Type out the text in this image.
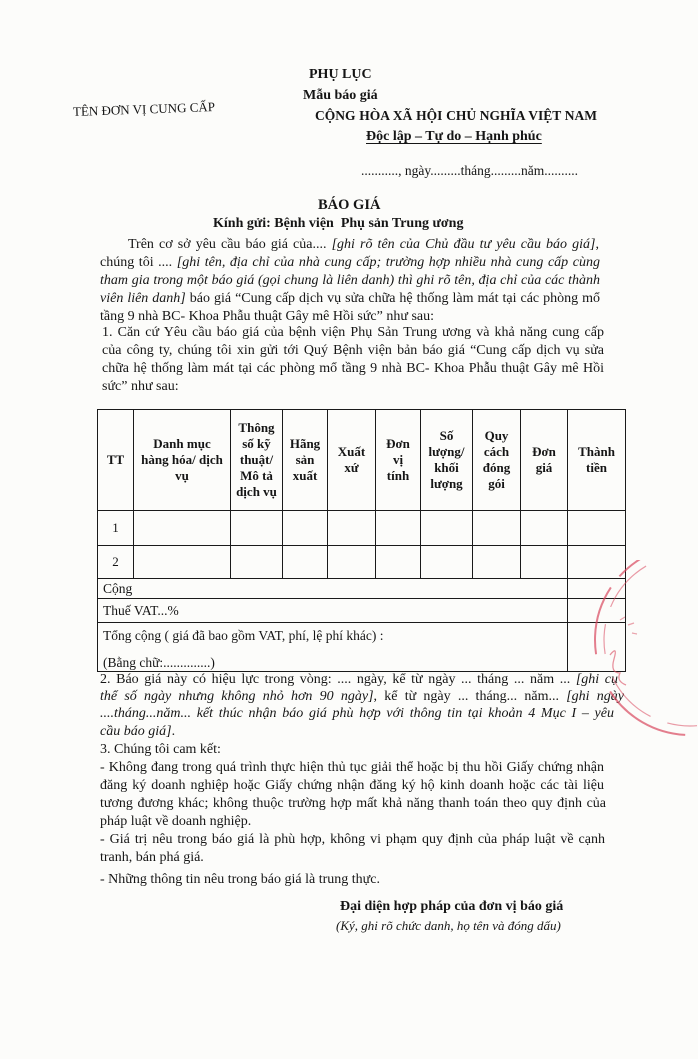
TÊN ĐƠN VỊ CUNG CẤP
PHỤ LỤC
Mẫu báo giá
CỘNG HÒA XÃ HỘI CHỦ NGHĨA VIỆT NAM
Độc lập – Tự do – Hạnh phúc
..........., ngày.........tháng.........năm..........
BÁO GIÁ
Kính gửi: Bệnh viện  Phụ sản Trung ương
Trên cơ sở yêu cầu báo giá của.... [ghi rõ tên của Chủ đầu tư yêu cầu báo giá],
chúng tôi .... [ghi tên, địa chỉ của nhà cung cấp; trường hợp nhiều nhà cung cấp cùng
tham gia trong một báo giá (gọi chung là liên danh) thì ghi rõ tên, địa chỉ của các thành
viên liên danh] báo giá “Cung cấp dịch vụ sửa chữa hệ thống làm mát tại các phòng mổ
tầng 9 nhà BC- Khoa Phẫu thuật Gây mê Hồi sức” như sau:
1. Căn cứ Yêu cầu báo giá của bệnh viện Phụ Sản Trung ương và khả năng cung cấp
của công ty, chúng tôi xin gửi tới Quý Bệnh viện bản báo giá “Cung cấp dịch vụ sửa
chữa hệ thống làm mát tại các phòng mổ tầng 9 nhà BC- Khoa Phẫu thuật Gây mê Hồi
sức” như sau:
TT	Danh mục hàng hóa/ dịch vụ	Thông số kỹ thuật/ Mô tả dịch vụ	Hãng sản xuất	Xuất xứ	Đơn vị tính	Số lượng/ khối lượng	Quy cách đóng gói	Đơn giá	Thành tiền
1									
2									
Cộng									
Thuế VAT...%									

Tổng cộng ( giá đã bao gồm VAT, phí, lệ phí khác) :
(Bằng chữ:..............)									

2. Báo giá này có hiệu lực trong vòng: .... ngày, kể từ ngày ... tháng ... năm ... [ghi cụ
thể số ngày nhưng không nhỏ hơn 90 ngày], kể từ ngày ... tháng... năm... [ghi ngày
....tháng...năm... kết thúc nhận báo giá phù hợp với thông tin tại khoản 4 Mục I – yêu
cầu báo giá].
3. Chúng tôi cam kết:
- Không đang trong quá trình thực hiện thủ tục giải thể hoặc bị thu hồi Giấy chứng nhận
đăng ký doanh nghiệp hoặc Giấy chứng nhận đăng ký hộ kinh doanh hoặc các tài liệu
tương đương khác; không thuộc trường hợp mất khả năng thanh toán theo quy định của
pháp luật về doanh nghiệp.
- Giá trị nêu trong báo giá là phù hợp, không vi phạm quy định của pháp luật về cạnh
tranh, bán phá giá.
- Những thông tin nêu trong báo giá là trung thực.
Đại diện hợp pháp của đơn vị báo giá
(Ký, ghi rõ chức danh, họ tên và đóng dấu)
